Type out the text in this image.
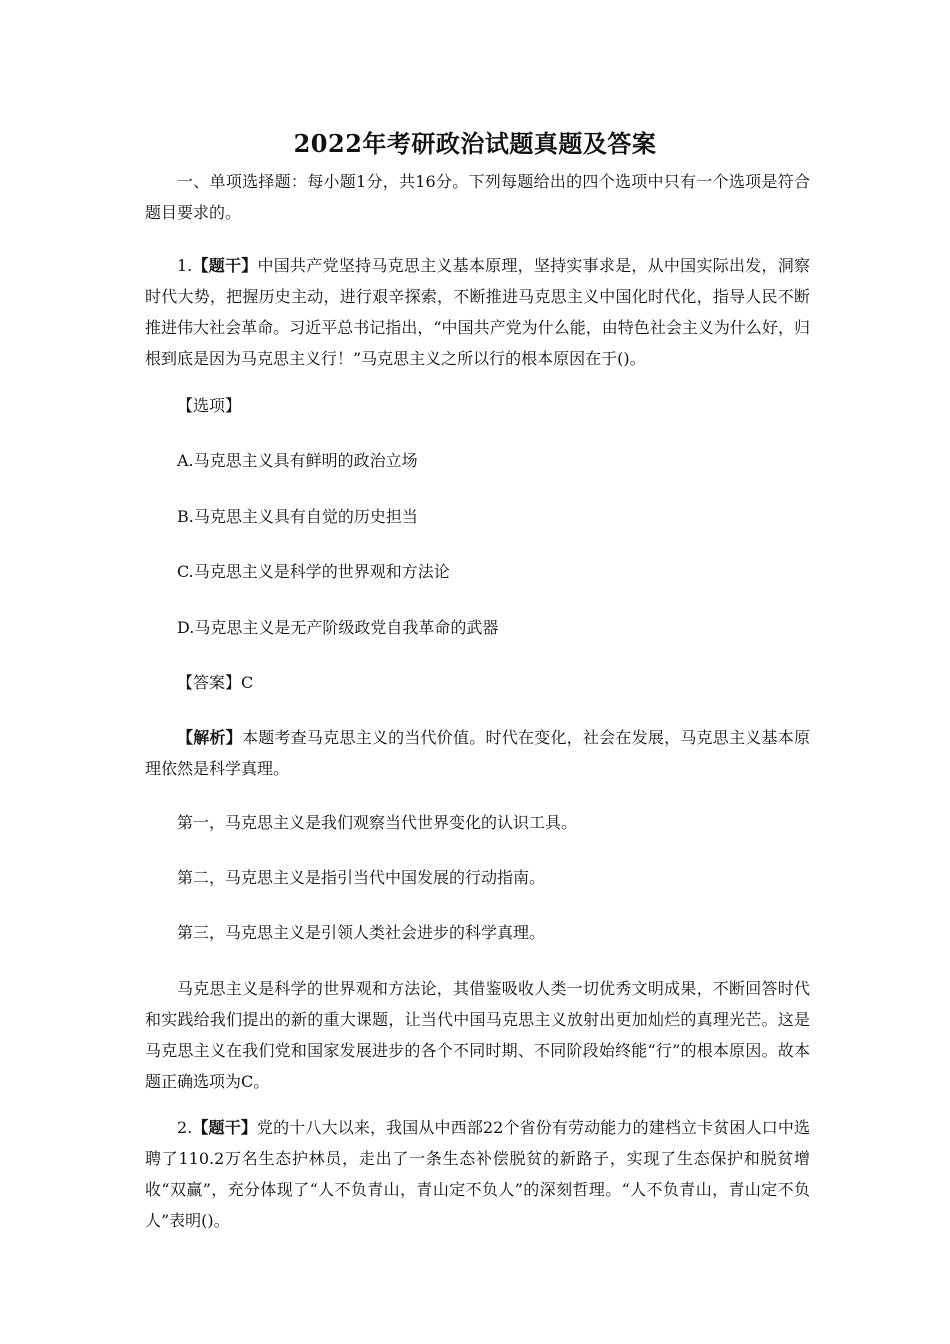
2022年考研政治试题真题及答案

一、单项选择题：每小题1分，共16分。下列每题给出的四个选项中只有一个选项是符合题目要求的。

1.【题干】中国共产党坚持马克思主义基本原理，坚持实事求是，从中国实际出发，洞察时代大势，把握历史主动，进行艰辛探索，不断推进马克思主义中国化时代化，指导人民不断推进伟大社会革命。习近平总书记指出，“中国共产党为什么能，由特色社会主义为什么好，归根到底是因为马克思主义行！”马克思主义之所以行的根本原因在于()。

【选项】

A.马克思主义具有鲜明的政治立场

B.马克思主义具有自觉的历史担当

C.马克思主义是科学的世界观和方法论

D.马克思主义是无产阶级政党自我革命的武器

【答案】C

【解析】本题考查马克思主义的当代价值。时代在变化，社会在发展，马克思主义基本原理依然是科学真理。

第一，马克思主义是我们观察当代世界变化的认识工具。

第二，马克思主义是指引当代中国发展的行动指南。

第三，马克思主义是引领人类社会进步的科学真理。

马克思主义是科学的世界观和方法论，其借鉴吸收人类一切优秀文明成果，不断回答时代和实践给我们提出的新的重大课题，让当代中国马克思主义放射出更加灿烂的真理光芒。这是马克思主义在我们党和国家发展进步的各个不同时期、不同阶段始终能“行”的根本原因。故本题正确选项为C。

2.【题干】党的十八大以来，我国从中西部22个省份有劳动能力的建档立卡贫困人口中选聘了110.2万名生态护林员，走出了一条生态补偿脱贫的新路子，实现了生态保护和脱贫增收“双赢”，充分体现了“人不负青山，青山定不负人”的深刻哲理。“人不负青山，青山定不负人”表明()。
